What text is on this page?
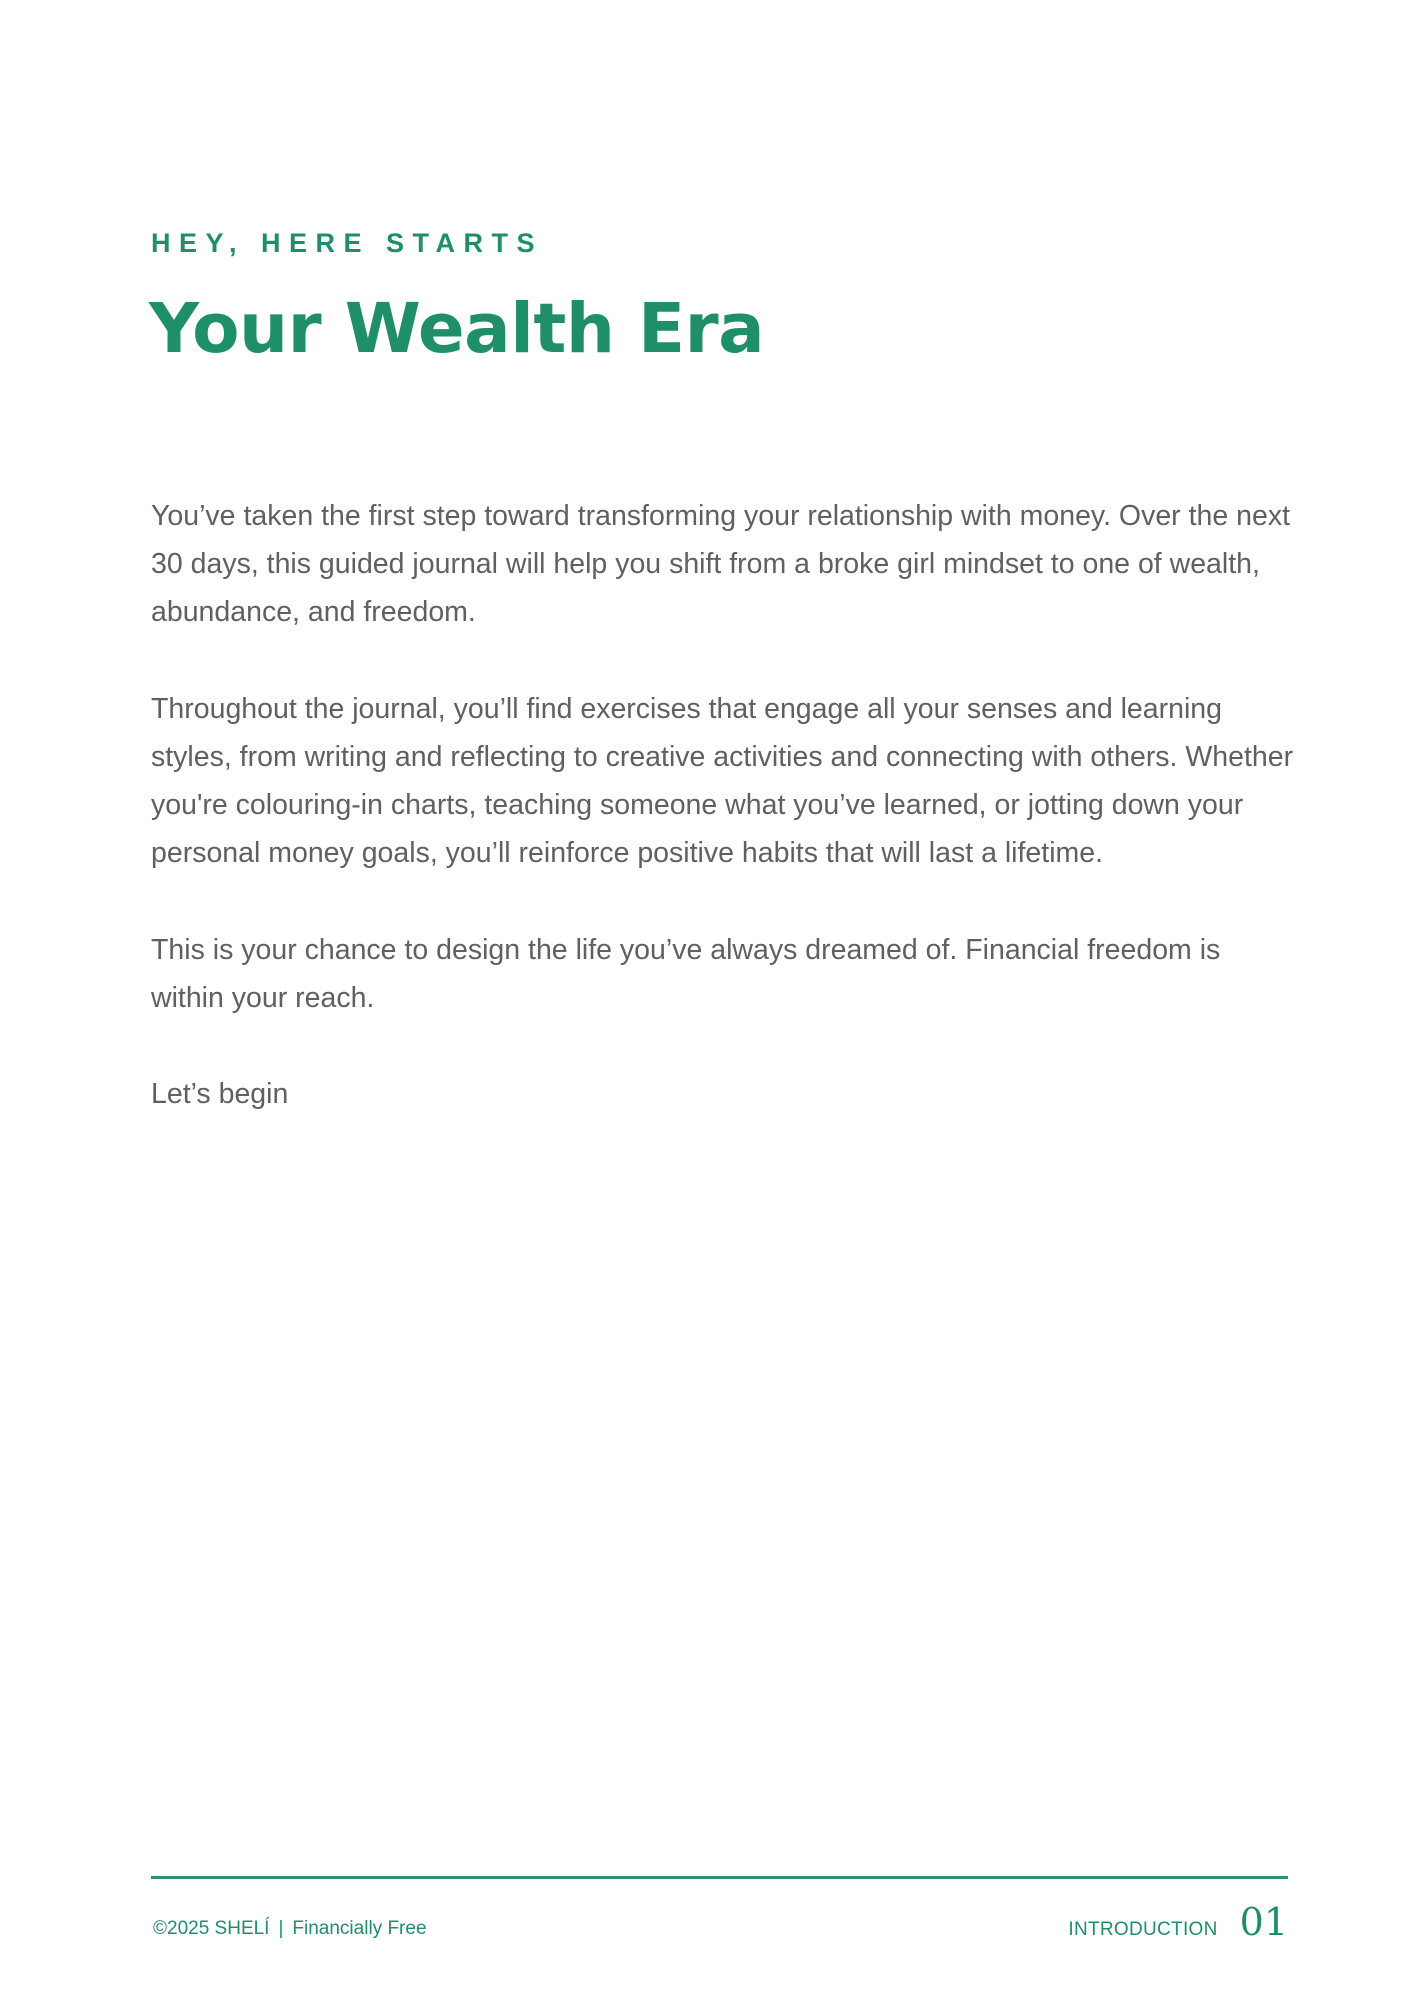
HEY, HERE STARTS
Your Wealth Era

You’ve taken the first step toward transforming your relationship with money. Over the next 30 days, this guided journal will help you shift from a broke girl mindset to one of wealth, abundance, and freedom.

Throughout the journal, you’ll find exercises that engage all your senses and learning styles, from writing and reflecting to creative activities and connecting with others. Whether you're colouring-in charts, teaching someone what you’ve learned, or jotting down your personal money goals, you’ll reinforce positive habits that will last a lifetime.

This is your chance to design the life you’ve always dreamed of. Financial freedom is within your reach.

Let’s begin

©2025 SHELÍ | Financially Free	INTRODUCTION 01
